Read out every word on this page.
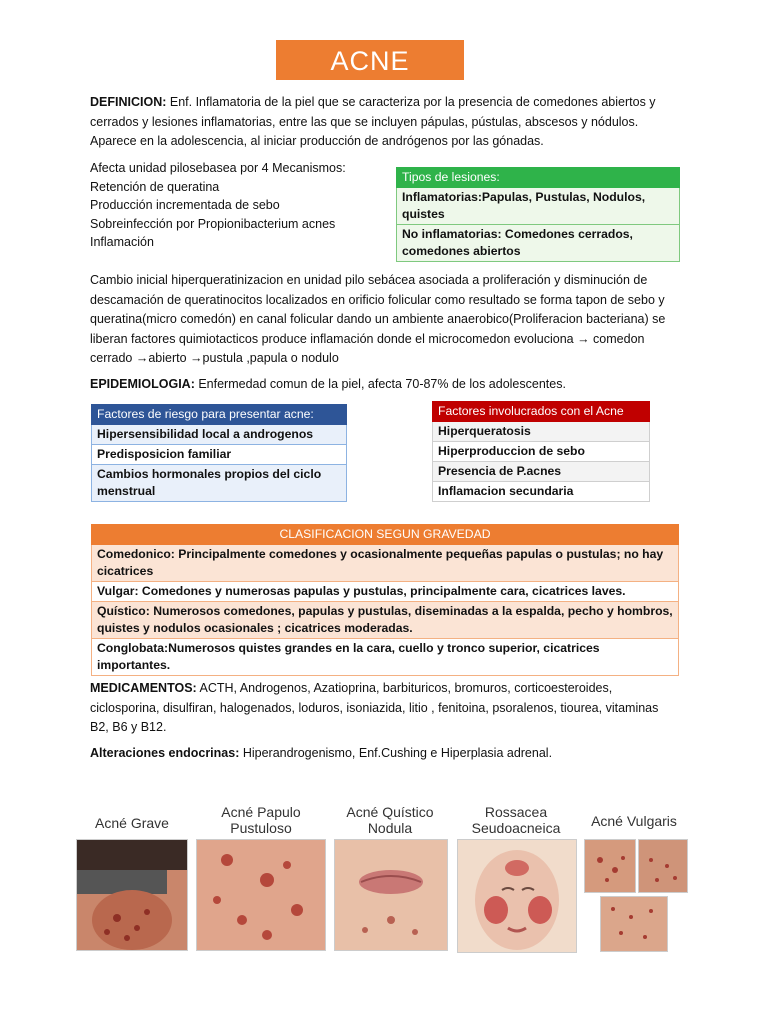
ACNE
DEFINICION: Enf. Inflamatoria de la piel que se caracteriza por la presencia de comedones abiertos y cerrados y lesiones inflamatorias, entre las que se incluyen pápulas, pústulas, abscesos y nódulos. Aparece en la adolescencia, al iniciar producción de andrógenos por las gónadas.
Afecta unidad pilosebasea por 4 Mecanismos:
Retención de queratina
Producción incrementada de sebo
Sobreinfección por Propionibacterium acnes
Inflamación
Tipos de lesiones:
Inflamatorias:Papulas, Pustulas, Nodulos, quistes
No inflamatorias: Comedones cerrados, comedones abiertos
Cambio inicial hiperqueratinizacion en unidad pilo sebácea asociada a proliferación y disminución de descamación de queratinocitos localizados en orificio folicular como resultado se forma tapon de sebo y queratina(micro comedón) en canal folicular dando un ambiente anaerobico(Proliferacion bacteriana) se liberan factores quimiotacticos produce inflamación donde el microcomedon evoluciona → comedon cerrado →abierto →pustula ,papula o nodulo
EPIDEMIOLOGIA: Enfermedad comun de la piel, afecta 70-87% de los adolescentes.
Factores de riesgo para presentar acne:
Hipersensibilidad local a androgenos
Predisposicion familiar
Cambios hormonales propios del ciclo menstrual
Factores involucrados con el Acne
Hiperqueratosis
Hiperproduccion de sebo
Presencia de P.acnes
Inflamacion secundaria
CLASIFICACION SEGUN GRAVEDAD
Comedonico: Principalmente comedones y ocasionalmente pequeñas papulas o pustulas; no hay cicatrices
Vulgar: Comedones y numerosas papulas y pustulas, principalmente cara, cicatrices laves.
Quístico: Numerosos comedones, papulas y pustulas, diseminadas a la espalda, pecho y hombros, quistes y nodulos ocasionales ; cicatrices moderadas.
Conglobata:Numerosos quistes grandes en la cara, cuello y tronco superior, cicatrices importantes.
MEDICAMENTOS: ACTH, Androgenos, Azatioprina, barbituricos, bromuros, corticoesteroides, ciclosporina, disulfiran, halogenados, loduros, isoniazida, litio , fenitoina, psoralenos, tiourea, vitaminas B2, B6 y B12.
Alteraciones endocrinas: Hiperandrogenismo, Enf.Cushing e Hiperplasia adrenal.
Acné Grave
Acné Papulo Pustuloso
Acné Quístico Nodula
Rossacea Seudoacneica	Acné Vulgaris
